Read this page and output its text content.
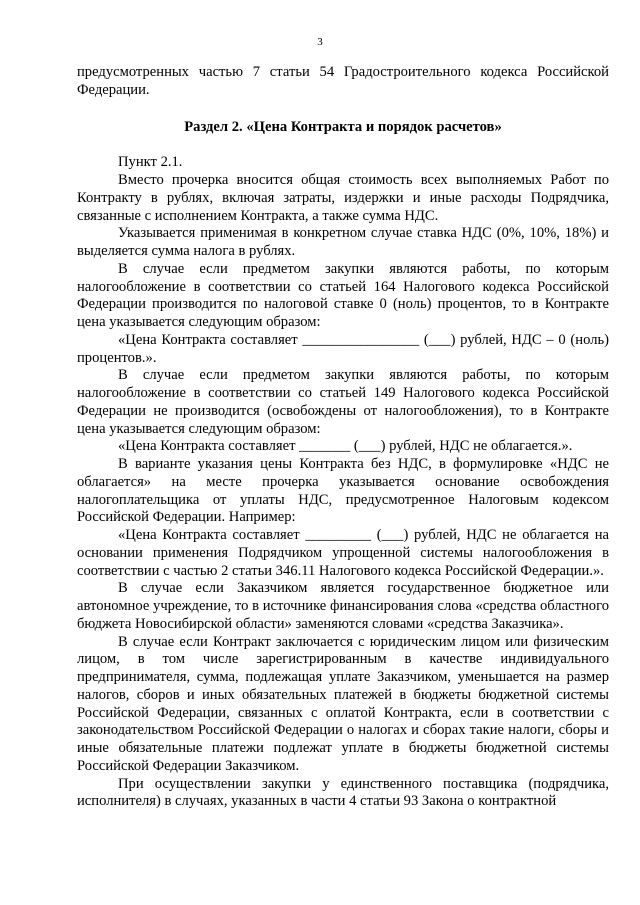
3

предусмотренных частью 7 статьи 54 Градостроительного кодекса Российской Федерации.

Раздел 2. «Цена Контракта и порядок расчетов»

Пункт 2.1.

Вместо прочерка вносится общая стоимость всех выполняемых Работ по Контракту в рублях, включая затраты, издержки и иные расходы Подрядчика, связанные с исполнением Контракта, а также сумма НДС.

Указывается применимая в конкретном случае ставка НДС (0%, 10%, 18%) и выделяется сумма налога в рублях.

В случае если предметом закупки являются работы, по которым налогообложение в соответствии со статьей 164 Налогового кодекса Российской Федерации производится по налоговой ставке 0 (ноль) процентов, то в Контракте цена указывается следующим образом:

«Цена Контракта составляет ________________ (___) рублей, НДС – 0 (ноль) процентов.».

В случае если предметом закупки являются работы, по которым налогообложение в соответствии со статьей 149 Налогового кодекса Российской Федерации не производится (освобождены от налогообложения), то в Контракте цена указывается следующим образом:

«Цена Контракта составляет _______ (___) рублей, НДС не облагается.».

В варианте указания цены Контракта без НДС, в формулировке «НДС не облагается» на месте прочерка указывается основание освобождения налогоплательщика от уплаты НДС, предусмотренное Налоговым кодексом Российской Федерации. Например:

«Цена Контракта составляет _________ (___) рублей, НДС не облагается на основании применения Подрядчиком упрощенной системы налогообложения в соответствии с частью 2 статьи 346.11 Налогового кодекса Российской Федерации.».

В случае если Заказчиком является государственное бюджетное или автономное учреждение, то в источнике финансирования слова «средства областного бюджета Новосибирской области» заменяются словами «средства Заказчика».

В случае если Контракт заключается с юридическим лицом или физическим лицом, в том числе зарегистрированным в качестве индивидуального предпринимателя, сумма, подлежащая уплате Заказчиком, уменьшается на размер налогов, сборов и иных обязательных платежей в бюджеты бюджетной системы Российской Федерации, связанных с оплатой Контракта, если в соответствии с законодательством Российской Федерации о налогах и сборах такие налоги, сборы и иные обязательные платежи подлежат уплате в бюджеты бюджетной системы Российской Федерации Заказчиком.

При осуществлении закупки у единственного поставщика (подрядчика, исполнителя) в случаях, указанных в части 4 статьи 93 Закона о контрактной
